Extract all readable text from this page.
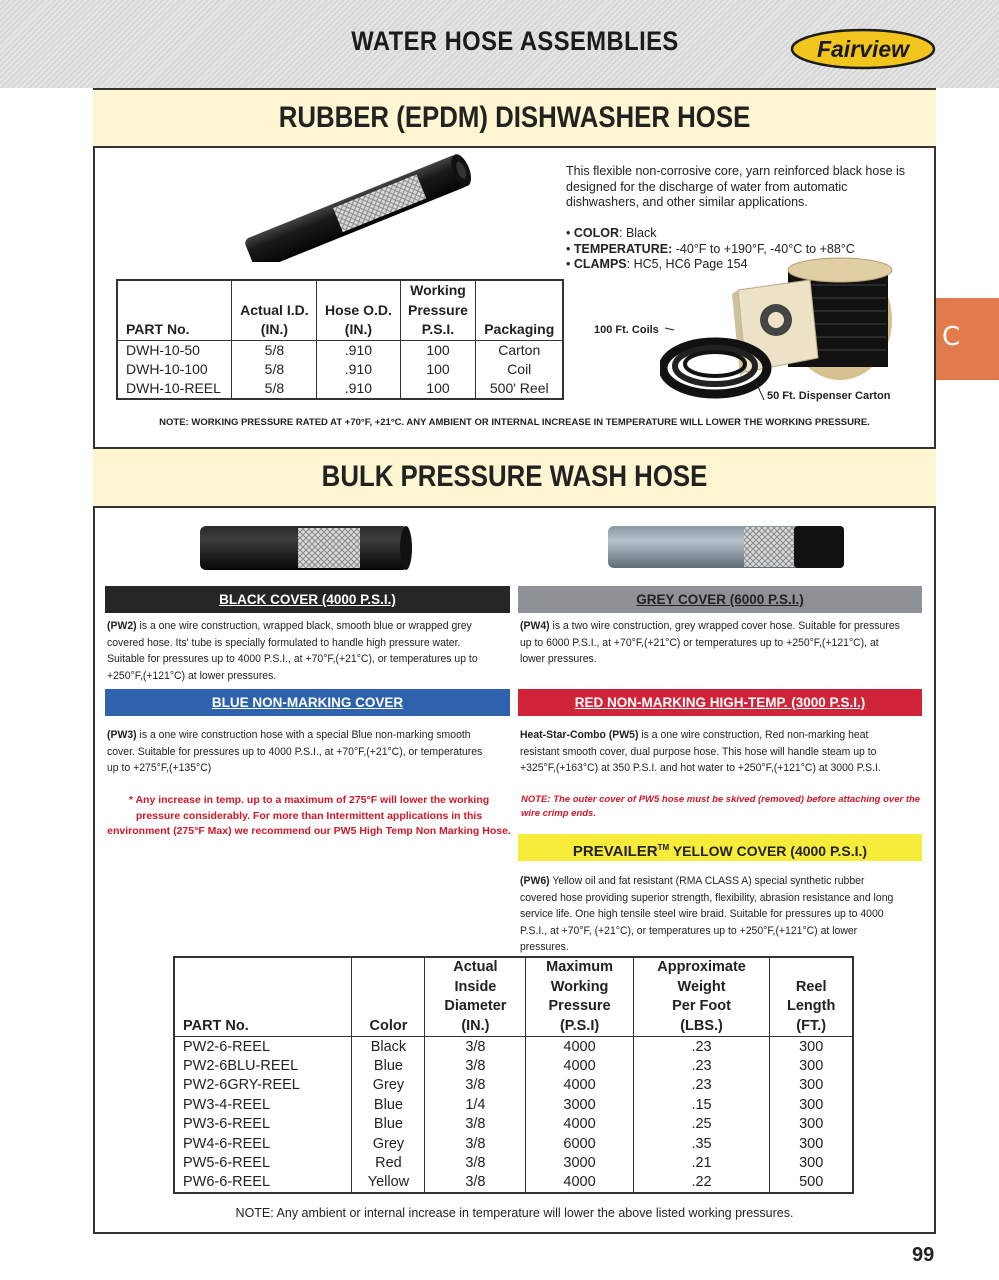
WATER HOSE ASSEMBLIES	Fairview
C
RUBBER (EPDM) DISHWASHER HOSE
This flexible non-corrosive core, yarn reinforced black hose is designed for the discharge of water from automatic dishwashers, and other similar applications.
• COLOR: Black
• TEMPERATURE: -40°F to +190°F, -40°C to +88°C
• CLAMPS: HC5, HC6 Page 154
100 Ft. Coils
50 Ft. Dispenser Carton
			Working	
	Actual I.D.	Hose O.D.	Pressure	
PART No.	(IN.)	(IN.)	P.S.I.	Packaging
DWH-10-50	5/8	.910	100	Carton
DWH-10-100	5/8	.910	100	Coil
DWH-10-REEL	5/8	.910	100	500' Reel
NOTE: WORKING PRESSURE RATED AT +70°F, +21°C. ANY AMBIENT OR INTERNAL INCREASE IN TEMPERATURE WILL LOWER THE WORKING PRESSURE.
BULK PRESSURE WASH HOSE
BLACK COVER (4000 P.S.I.)
(PW2) is a one wire construction, wrapped black, smooth blue or wrapped grey covered hose. Its' tube is specially formulated to handle high pressure water. Suitable for pressures up to 4000 P.S.I., at +70°F,(+21°C), or temperatures up to +250°F,(+121°C) at lower pressures.
GREY COVER (6000 P.S.I.)
(PW4) is a two wire construction, grey wrapped cover hose. Suitable for pressures up to 6000 P.S.I., at +70°F,(+21°C) or temperatures up to +250°F,(+121°C), at lower pressures.
BLUE NON-MARKING COVER
(PW3) is a one wire construction hose with a special Blue non-marking smooth cover. Suitable for pressures up to 4000 P.S.I., at +70°F,(+21°C), or temperatures up to +275°F,(+135°C)
RED NON-MARKING HIGH-TEMP. (3000 P.S.I.)
Heat-Star-Combo (PW5) is a one wire construction, Red non-marking heat resistant smooth cover, dual purpose hose. This hose will handle steam up to +325°F,(+163°C) at 350 P.S.I. and hot water to +250°F,(+121°C) at 3000 P.S.I.
* Any increase in temp. up to a maximum of 275°F will lower the working pressure considerably. For more than Intermittent applications in this environment (275°F Max) we recommend our PW5 High Temp Non Marking Hose.
NOTE: The outer cover of PW5 hose must be skived (removed) before attaching over the wire crimp ends.
PREVAILER™ YELLOW COVER (4000 P.S.I.)
(PW6) Yellow oil and fat resistant (RMA CLASS A) special synthetic rubber covered hose providing superior strength, flexibility, abrasion resistance and long service life. One high tensile steel wire braid. Suitable for pressures up to 4000 P.S.I., at +70°F, (+21°C), or temperatures up to +250°F,(+121°C) at lower pressures.
		Actual	Maximum	Approximate	
		Inside	Working	Weight	Reel
		Diameter	Pressure	Per Foot	Length
PART No.	Color	(IN.)	(P.S.I)	(LBS.)	(FT.)
PW2-6-REEL	Black	3/8	4000	.23	300
PW2-6BLU-REEL	Blue	3/8	4000	.23	300
PW2-6GRY-REEL	Grey	3/8	4000	.23	300
PW3-4-REEL	Blue	1/4	3000	.15	300
PW3-6-REEL	Blue	3/8	4000	.25	300
PW4-6-REEL	Grey	3/8	6000	.35	300
PW5-6-REEL	Red	3/8	3000	.21	300
PW6-6-REEL	Yellow	3/8	4000	.22	500
NOTE: Any ambient or internal increase in temperature will lower the above listed working pressures.
99
